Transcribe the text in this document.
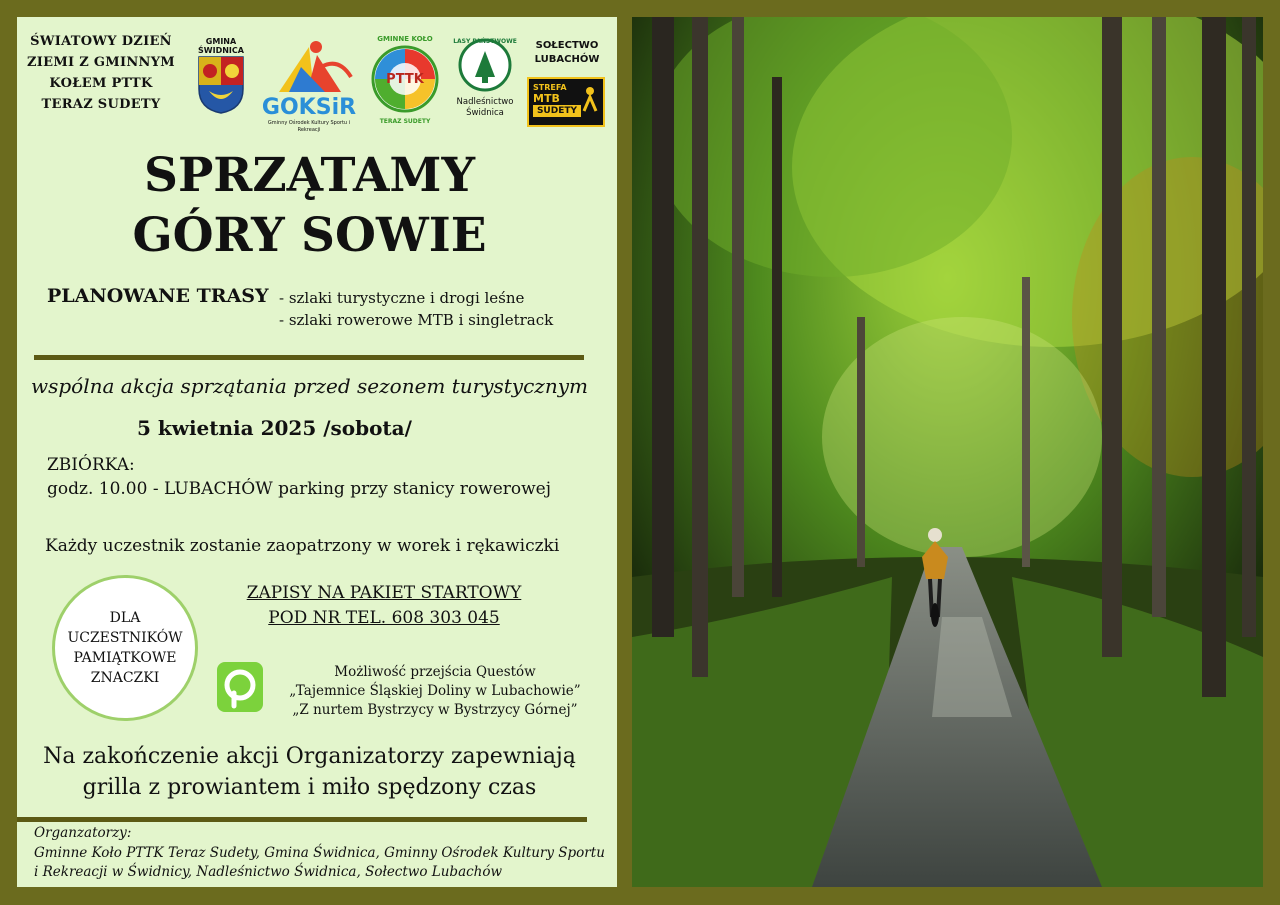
ŚWIATOWY DZIEŃ
ZIEMI Z GMINNYM
KOŁEM PTTK
TERAZ SUDETY
GMINA
ŚWIDNICA
GOKSiR
Gminny Ośrodek Kultury Sportu i Rekreacji
GMINNE KOŁO
PTTK
TERAZ SUDETY
LASY PAŃSTWOWE
Nadleśnictwo
Świdnica
SOŁECTWO
LUBACHÓW
STREFA
MTB
SUDETY
SPRZĄTAMY
GÓRY SOWIE
PLANOWANE TRASY - szlaki turystyczne i drogi leśne
- szlaki rowerowe MTB i singletrack
wspólna akcja sprzątania przed sezonem turystycznym
5 kwietnia 2025 /sobota/
ZBIÓRKA:
godz. 10.00 - LUBACHÓW parking przy stanicy rowerowej
Każdy uczestnik zostanie zaopatrzony w worek i rękawiczki
DLA
UCZESTNIKÓW
PAMIĄTKOWE
ZNACZKI
ZAPISY NA PAKIET STARTOWY
POD NR TEL. 608 303 045
Możliwość przejścia Questów
„Tajemnice Śląskiej Doliny w Lubachowie”
„Z nurtem Bystrzycy w Bystrzycy Górnej”
Na zakończenie akcji Organizatorzy zapewniają
grilla z prowiantem i miło spędzony czas
Organzatorzy:
Gminne Koło PTTK Teraz Sudety, Gmina Świdnica, Gminny Ośrodek Kultury Sportu
i Rekreacji w Świdnicy, Nadleśnictwo Świdnica, Sołectwo Lubachów
